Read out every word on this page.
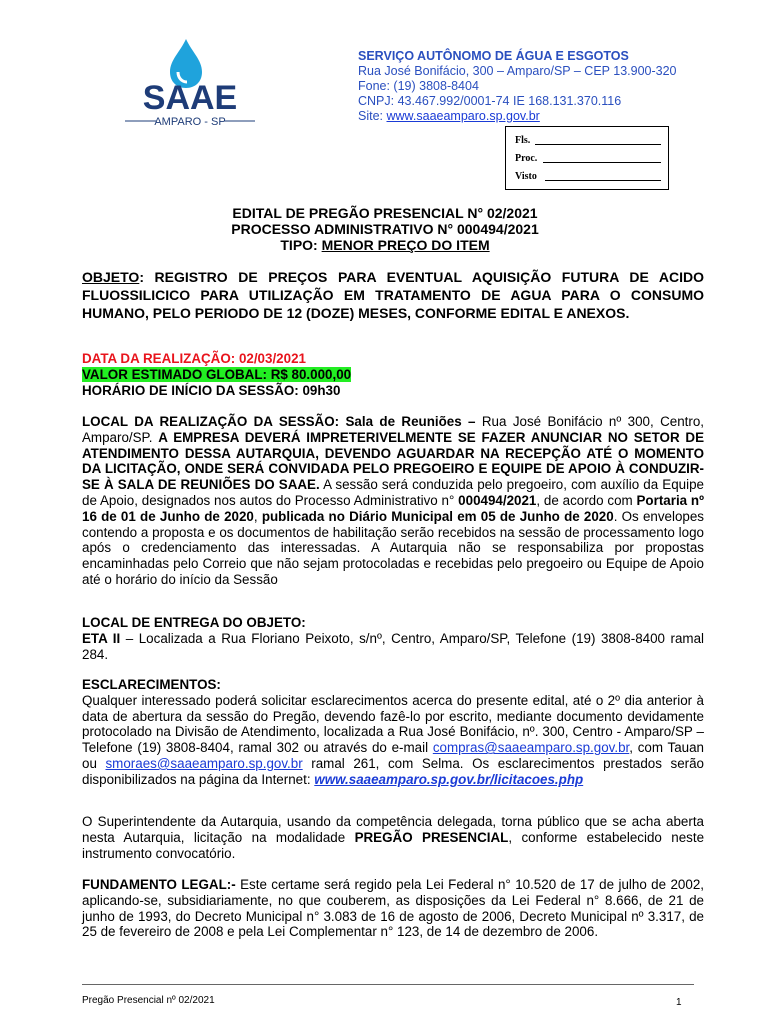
SAAE
AMPARO - SP
SERVIÇO AUTÔNOMO DE ÁGUA E ESGOTOS
Rua José Bonifácio, 300 – Amparo/SP – CEP 13.900-320
Fone: (19) 3808-8404
CNPJ: 43.467.992/0001-74 IE 168.131.370.116
Site: www.saaeamparo.sp.gov.br
Fls.
Proc.
Visto
EDITAL DE PREGÃO PRESENCIAL N° 02/2021
PROCESSO ADMINISTRATIVO N° 000494/2021
TIPO: MENOR PREÇO DO ITEM
OBJETO: REGISTRO DE PREÇOS PARA EVENTUAL AQUISIÇÃO FUTURA DE ACIDO FLUOSSILICICO PARA UTILIZAÇÃO EM TRATAMENTO DE AGUA PARA O CONSUMO HUMANO, PELO PERIODO DE 12 (DOZE) MESES, CONFORME EDITAL E ANEXOS.
DATA DA REALIZAÇÃO: 02/03/2021
VALOR ESTIMADO GLOBAL: R$ 80.000,00
HORÁRIO DE INÍCIO DA SESSÃO: 09h30
LOCAL DA REALIZAÇÃO DA SESSÃO: Sala de Reuniões – Rua José Bonifácio nº 300, Centro, Amparo/SP. A EMPRESA DEVERÁ IMPRETERIVELMENTE SE FAZER ANUNCIAR NO SETOR DE ATENDIMENTO DESSA AUTARQUIA, DEVENDO AGUARDAR NA RECEPÇÃO ATÉ O MOMENTO DA LICITAÇÃO, ONDE SERÁ CONVIDADA PELO PREGOEIRO E EQUIPE DE APOIO À CONDUZIR-SE À SALA DE REUNIÕES DO SAAE. A sessão será conduzida pelo pregoeiro, com auxílio da Equipe de Apoio, designados nos autos do Processo Administrativo n° 000494/2021, de acordo com Portaria nº 16 de 01 de Junho de 2020, publicada no Diário Municipal em 05 de Junho de 2020. Os envelopes contendo a proposta e os documentos de habilitação serão recebidos na sessão de processamento logo após o credenciamento das interessadas. A Autarquia não se responsabiliza por propostas encaminhadas pelo Correio que não sejam protocoladas e recebidas pelo pregoeiro ou Equipe de Apoio até o horário do início da Sessão
LOCAL DE ENTREGA DO OBJETO:
ETA II – Localizada a Rua Floriano Peixoto, s/nº, Centro, Amparo/SP, Telefone (19) 3808-8400 ramal 284.
ESCLARECIMENTOS:
Qualquer interessado poderá solicitar esclarecimentos acerca do presente edital, até o 2º dia anterior à data de abertura da sessão do Pregão, devendo fazê-lo por escrito, mediante documento devidamente protocolado na Divisão de Atendimento, localizada a Rua José Bonifácio, nº. 300, Centro - Amparo/SP – Telefone (19) 3808-8404, ramal 302 ou através do e-mail compras@saaeamparo.sp.gov.br, com Tauan ou smoraes@saaeamparo.sp.gov.br ramal 261, com Selma. Os esclarecimentos prestados serão disponibilizados na página da Internet: www.saaeamparo.sp.gov.br/licitacoes.php
O Superintendente da Autarquia, usando da competência delegada, torna público que se acha aberta nesta Autarquia, licitação na modalidade PREGÃO PRESENCIAL, conforme estabelecido neste instrumento convocatório.
FUNDAMENTO LEGAL:- Este certame será regido pela Lei Federal n° 10.520 de 17 de julho de 2002, aplicando-se, subsidiariamente, no que couberem, as disposições da Lei Federal n° 8.666, de 21 de junho de 1993, do Decreto Municipal n° 3.083 de 16 de agosto de 2006, Decreto Municipal nº 3.317, de 25 de fevereiro de 2008 e pela Lei Complementar n° 123, de 14 de dezembro de 2006.
Pregão Presencial nº 02/2021	1
